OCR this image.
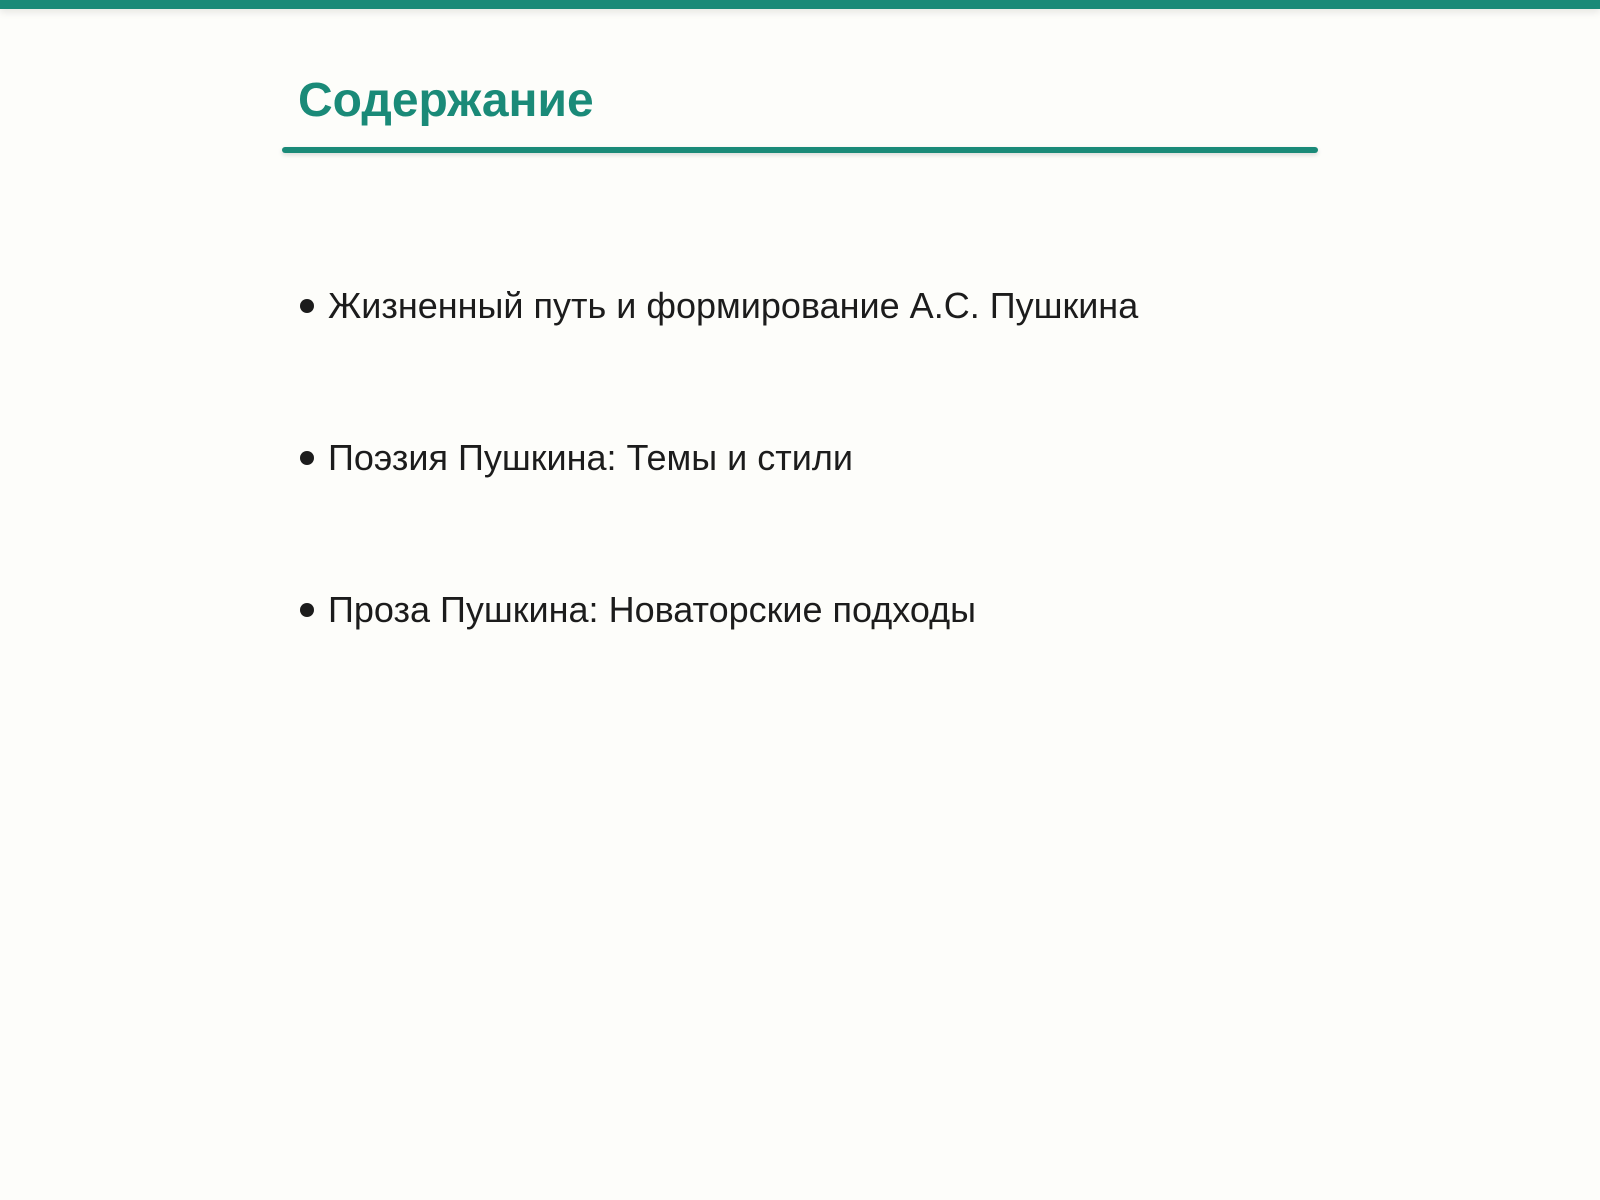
Содержание
Жизненный путь и формирование А.С. Пушкина
Поэзия Пушкина: Темы и стили
Проза Пушкина: Новаторские подходы
